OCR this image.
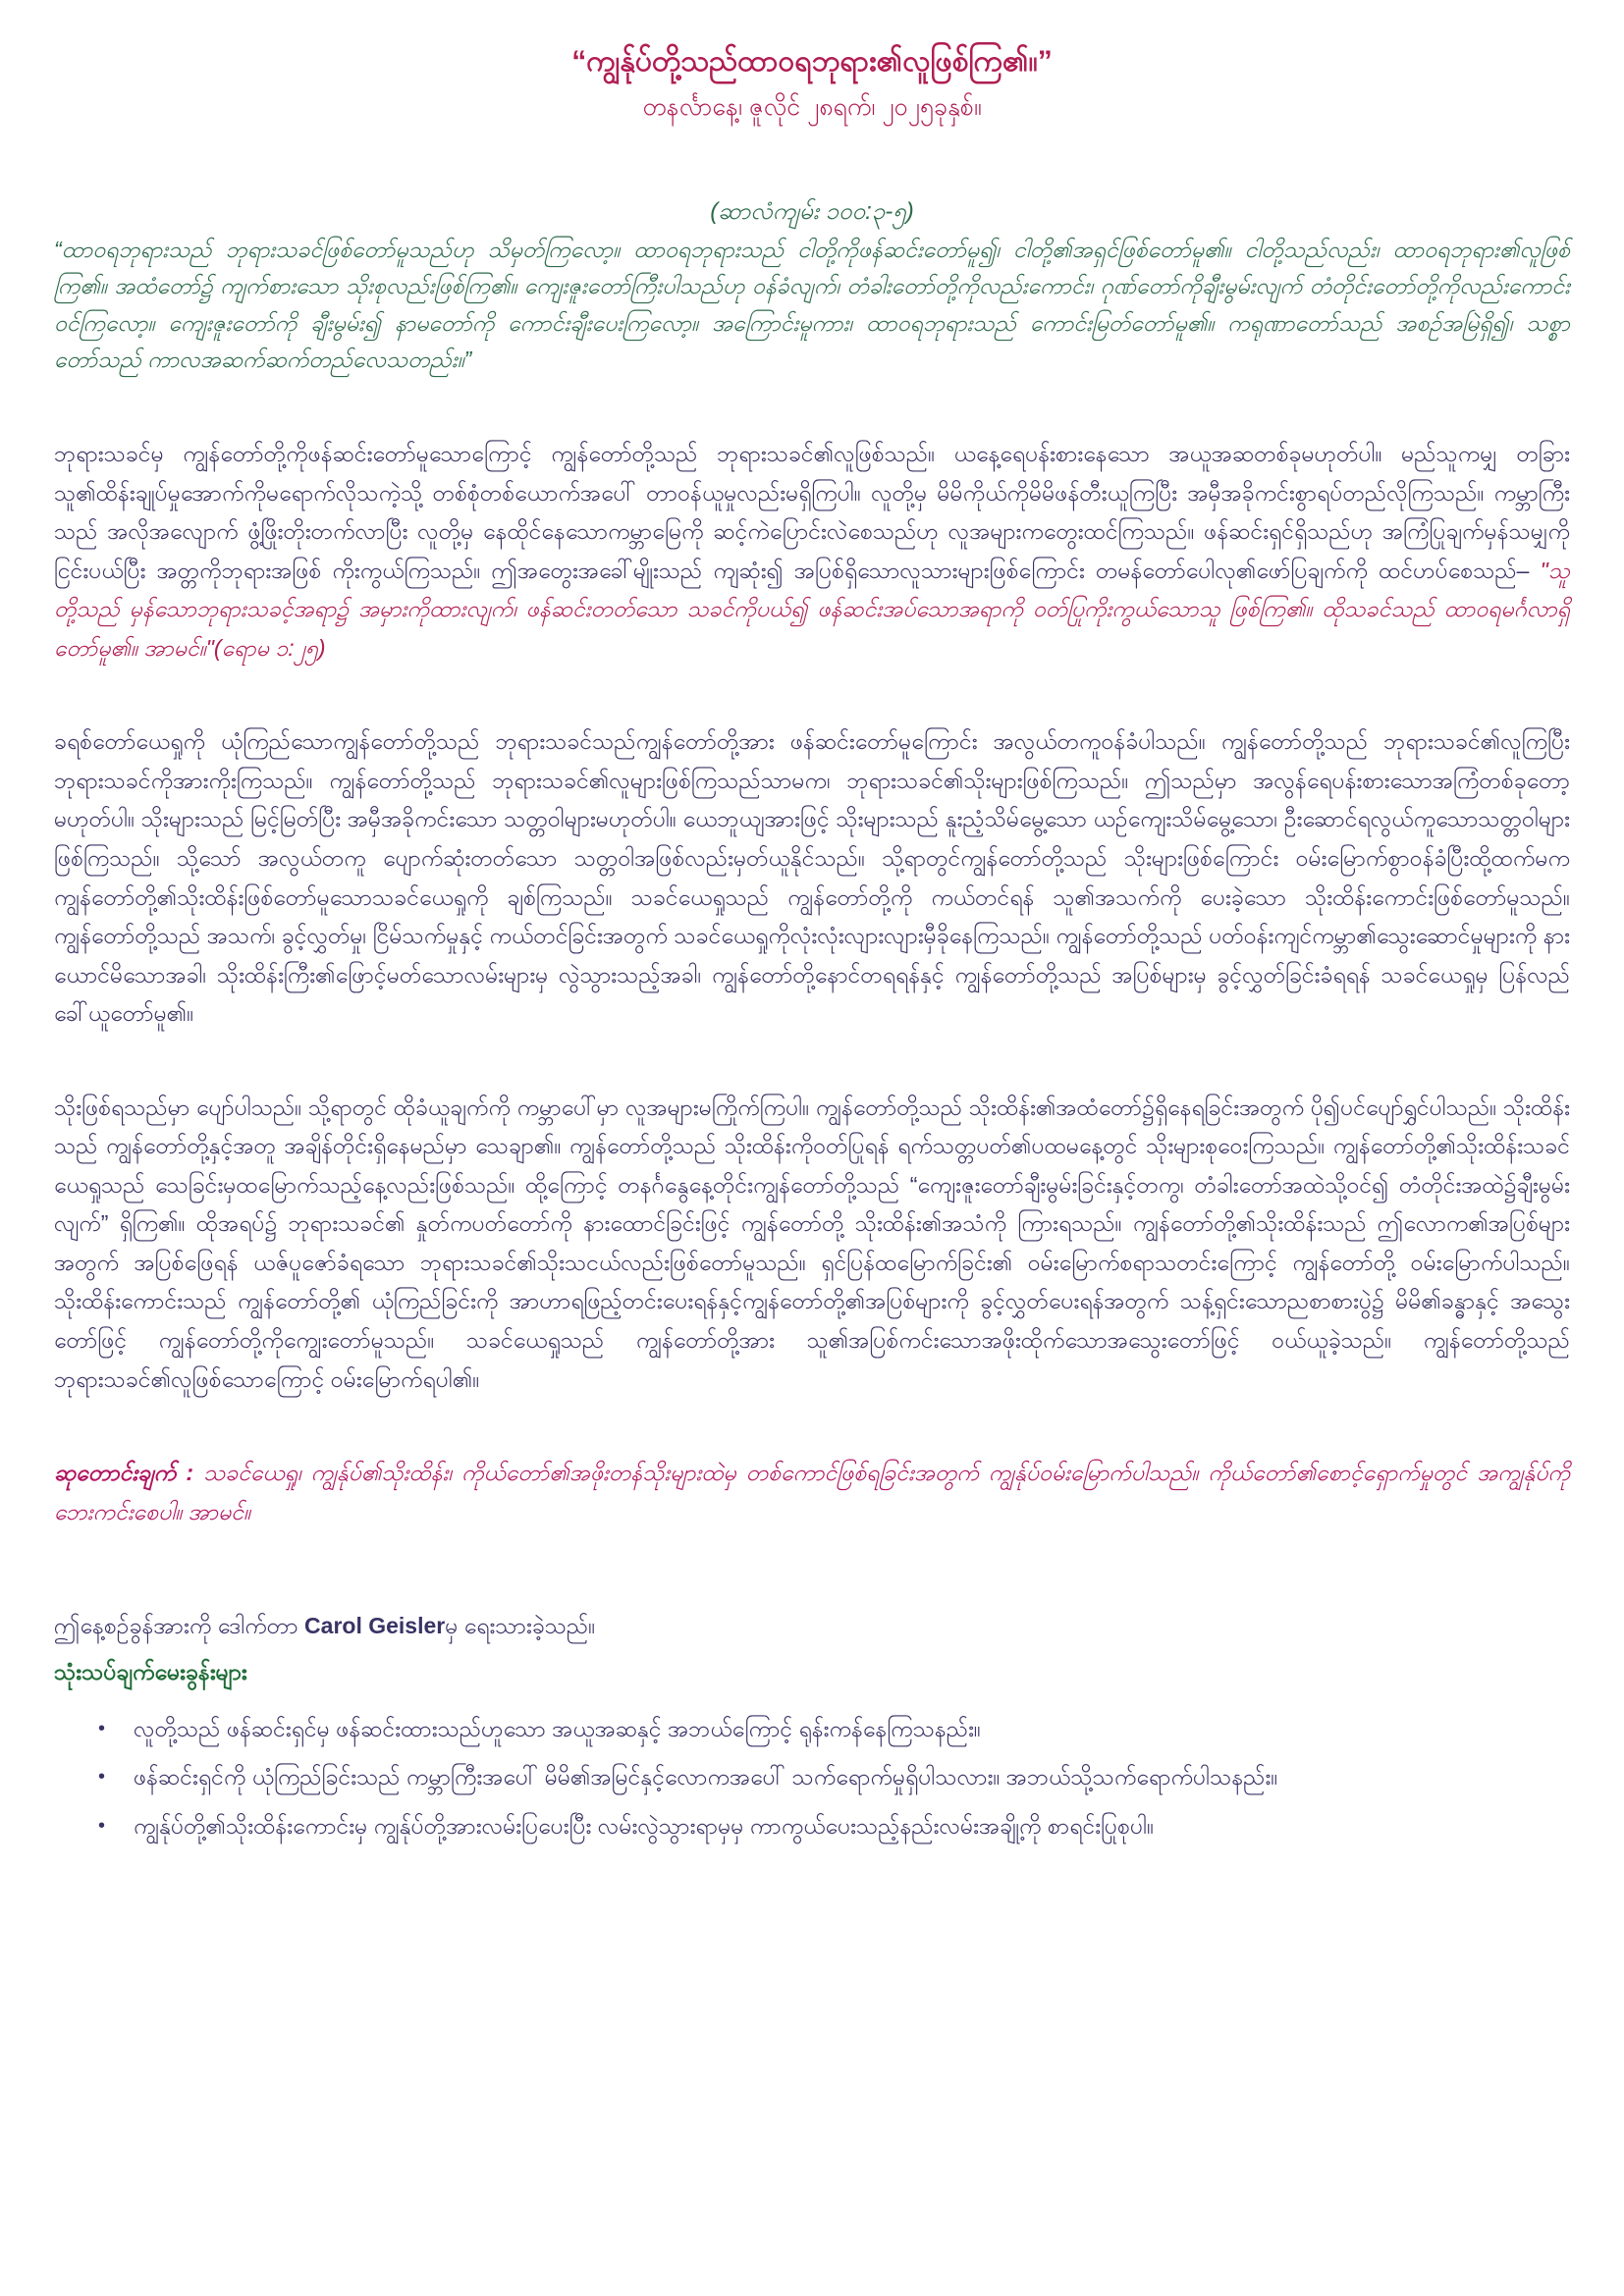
“ကျွန်ုပ်တို့သည်ထာဝရဘုရား၏လူဖြစ်ကြ၏။”
တနင်္လာနေ့၊ ဇူလိုင် ၂၈ရက်၊ ၂၀၂၅ခုနှစ်။
(ဆာလံကျမ်း ၁၀၀:၃-၅)
“ထာဝရဘုရားသည် ဘုရားသခင်ဖြစ်တော်မူသည်ဟု သိမှတ်ကြလော့။ ထာဝရဘုရားသည် ငါတို့ကိုဖန်ဆင်းတော်မူ၍၊ ငါတို့၏အရှင်ဖြစ်တော်မူ၏။ ငါတို့သည်လည်း၊ ထာဝရဘုရား၏လူဖြစ်ကြ၏။ အထံတော်၌ ကျက်စားသော သိုးစုလည်းဖြစ်ကြ၏။ ကျေးဇူးတော်ကြီးပါသည်ဟု ဝန်ခံလျက်၊ တံခါးတော်တို့ကိုလည်းကောင်း၊ ဂုဏ်တော်ကိုချီးမွမ်းလျက် တံတိုင်းတော်တို့ကိုလည်းကောင်း ဝင်ကြလော့။ ကျေးဇူးတော်ကို ချီးမွမ်း၍ နာမတော်ကို ကောင်းချီးပေးကြလော့။ အကြောင်းမူကား၊ ထာဝရဘုရားသည် ကောင်းမြတ်တော်မူ၏။ ကရုဏာတော်သည် အစဉ်အမြဲရှိ၍၊ သစ္စာတော်သည် ကာလအဆက်ဆက်တည်လေသတည်း။”

ဘုရားသခင်မှ ကျွန်တော်တို့ကိုဖန်ဆင်းတော်မူသောကြောင့် ကျွန်တော်တို့သည် ဘုရားသခင်၏လူဖြစ်သည်။ ယနေ့ရေပန်းစားနေသော အယူအဆတစ်ခုမဟုတ်ပါ။ မည်သူကမျှ တခြားသူ၏ထိန်းချုပ်မှုအောက်ကိုမရောက်လိုသကဲ့သို့ တစ်စုံတစ်ယောက်အပေါ် တာဝန်ယူမှုလည်းမရှိကြပါ။ လူတို့မှ မိမိကိုယ်ကိုမိမိဖန်တီးယူကြပြီး အမှီအခိုကင်းစွာရပ်တည်လိုကြသည်။ ကမ္ဘာကြီးသည် အလိုအလျောက် ဖွံ့ဖြိုးတိုးတက်လာပြီး လူတို့မှ နေထိုင်နေသောကမ္ဘာမြေကို ဆင့်ကဲပြောင်းလဲစေသည်ဟု လူအများကတွေးထင်ကြသည်။ ဖန်ဆင်းရှင်ရှိသည်ဟု အကြံပြုချက်မှန်သမျှကို ငြင်းပယ်ပြီး အတ္တကိုဘုရားအဖြစ် ကိုးကွယ်ကြသည်။ ဤအတွေးအခေါ်မျိုးသည် ကျဆုံး၍ အပြစ်ရှိသောလူသားများဖြစ်ကြောင်း တမန်တော်ပေါလု၏ဖော်ပြချက်ကို ထင်ဟပ်စေသည်– "သူတို့သည် မှန်သောဘုရားသခင့်အရာ၌ အမှားကိုထားလျက်၊ ဖန်ဆင်းတတ်သော သခင်ကိုပယ်၍ ဖန်ဆင်းအပ်သောအရာကို ဝတ်ပြုကိုးကွယ်သောသူ ဖြစ်ကြ၏။ ထိုသခင်သည် ထာဝရမင်္ဂလာရှိတော်မူ၏။ အာမင်။"(ရောမ ၁:၂၅)

ခရစ်တော်ယေရှုကို ယုံကြည်သောကျွန်တော်တို့သည် ဘုရားသခင်သည်ကျွန်တော်တို့အား ဖန်ဆင်းတော်မူကြောင်း အလွယ်တကူဝန်ခံပါသည်။ ကျွန်တော်တို့သည် ဘုရားသခင်၏လူကြပြီး ဘုရားသခင်ကိုအားကိုးကြသည်။ ကျွန်တော်တို့သည် ဘုရားသခင်၏လူများဖြစ်ကြသည်သာမက၊ ဘုရားသခင်၏သိုးများဖြစ်ကြသည်။ ဤသည်မှာ အလွန်ရေပန်းစားသောအကြံတစ်ခုတော့ မဟုတ်ပါ။ သိုးများသည် မြင့်မြတ်ပြီး အမှီအခိုကင်းသော သတ္တဝါများမဟုတ်ပါ။ ယေဘူယျအားဖြင့် သိုးများသည် နူးညံ့သိမ်မွေ့သော ယဉ်ကျေးသိမ်မွေ့သော၊ ဦးဆောင်ရလွယ်ကူသောသတ္တဝါများဖြစ်ကြသည်။ သို့သော် အလွယ်တကူ ပျောက်ဆုံးတတ်သော သတ္တဝါအဖြစ်လည်းမှတ်ယူနိုင်သည်။ သို့ရာတွင်ကျွန်တော်တို့သည် သိုးများဖြစ်ကြောင်း ဝမ်းမြောက်စွာဝန်ခံပြီးထို့ထက်မက ကျွန်တော်တို့၏သိုးထိန်းဖြစ်တော်မူသောသခင်ယေရှုကို ချစ်ကြသည်။ သခင်ယေရှုသည် ကျွန်တော်တို့ကို ကယ်တင်ရန် သူ၏အသက်ကို ပေးခဲ့သော သိုးထိန်းကောင်းဖြစ်တော်မူသည်။ ကျွန်တော်တို့သည် အသက်၊ ခွင့်လွှတ်မှု၊ ငြိမ်သက်မှုနှင့် ကယ်တင်ခြင်းအတွက် သခင်ယေရှုကိုလုံးလုံးလျားလျားမှီခိုနေကြသည်။ ကျွန်တော်တို့သည် ပတ်ဝန်းကျင်ကမ္ဘာ၏သွေးဆောင်မှုများကို နားယောင်မိသောအခါ၊ သိုးထိန်းကြီး၏ဖြောင့်မတ်သောလမ်းများမှ လွဲသွားသည့်အခါ၊ ကျွန်တော်တို့နောင်တရရန်နှင့် ကျွန်တော်တို့သည် အပြစ်များမှ ခွင့်လွှတ်ခြင်းခံရရန် သခင်ယေရှုမှ ပြန်လည်ခေါ်ယူတော်မူ၏။

သိုးဖြစ်ရသည်မှာ ပျော်ပါသည်။ သို့ရာတွင် ထိုခံယူချက်ကို ကမ္ဘာပေါ်မှာ လူအများမကြိုက်ကြပါ။ ကျွန်တော်တို့သည် သိုးထိန်း၏အထံတော်၌ရှိနေရခြင်းအတွက် ပို၍ပင်ပျော်ရွှင်ပါသည်။ သိုးထိန်းသည် ကျွန်တော်တို့နှင့်အတူ အချိန်တိုင်းရှိနေမည်မှာ သေချာ၏။ ကျွန်တော်တို့သည် သိုးထိန်းကိုဝတ်ပြုရန် ရက်သတ္တပတ်၏ပထမနေ့တွင် သိုးများစုဝေးကြသည်။ ကျွန်တော်တို့၏သိုးထိန်းသခင်ယေရှုသည် သေခြင်းမှထမြောက်သည့်နေ့လည်းဖြစ်သည်။ ထို့ကြောင့် တနင်္ဂနွေနေ့တိုင်းကျွန်တော်တို့သည် “ကျေးဇူးတော်ချီးမွမ်းခြင်းနှင့်တကွ၊ တံခါးတော်အထဲသို့ဝင်၍ တံတိုင်းအထဲ၌ချီးမွမ်းလျက်” ရှိကြ၏။ ထိုအရပ်၌ ဘုရားသခင်၏ နှုတ်ကပတ်တော်ကို နားထောင်ခြင်းဖြင့် ကျွန်တော်တို့ သိုးထိန်း၏အသံကို ကြားရသည်။ ကျွန်တော်တို့၏သိုးထိန်းသည် ဤလောက၏အပြစ်များအတွက် အပြစ်ဖြေရန် ယဇ်ပူဇော်ခံရသော ဘုရားသခင်၏သိုးသငယ်လည်းဖြစ်တော်မူသည်။ ရှင်ပြန်ထမြောက်ခြင်း၏ ဝမ်းမြောက်စရာသတင်းကြောင့် ကျွန်တော်တို့ ဝမ်းမြောက်ပါသည်။ သိုးထိန်းကောင်းသည် ကျွန်တော်တို့၏ ယုံကြည်ခြင်းကို အာဟာရဖြည့်တင်းပေးရန်နှင့်ကျွန်တော်တို့၏အပြစ်များကို ခွင့်လွှတ်ပေးရန်အတွက် သန့်ရှင်းသောညစာစားပွဲ၌ မိမိ၏ခန္ဓာနှင့် အသွေးတော်ဖြင့် ကျွန်တော်တို့ကိုကျွေးတော်မူသည်။ သခင်ယေရှုသည် ကျွန်တော်တို့အား သူ၏အပြစ်ကင်းသောအဖိုးထိုက်သောအသွေးတော်ဖြင့် ဝယ်ယူခဲ့သည်။ ကျွန်တော်တို့သည် ဘုရားသခင်၏လူဖြစ်သောကြောင့် ဝမ်းမြောက်ရပါ၏။

ဆုတောင်းချက် : သခင်ယေရှု၊ ကျွန်ုပ်၏သိုးထိန်း၊ ကိုယ်တော်၏အဖိုးတန်သိုးများထဲမှ တစ်ကောင်ဖြစ်ရခြင်းအတွက် ကျွန်ုပ်ဝမ်းမြောက်ပါသည်။ ကိုယ်တော်၏စောင့်ရှောက်မှုတွင် အကျွန်ုပ်ကိုဘေးကင်းစေပါ။ အာမင်။

ဤနေ့စဉ်ခွန်အားကို ဒေါက်တာ Carol Geislerမှ ရေးသားခဲ့သည်။
သုံးသပ်ချက်မေးခွန်းများ
•	လူတို့သည် ဖန်ဆင်းရှင်မှ ဖန်ဆင်းထားသည်ဟူသော အယူအဆနှင့် အဘယ်ကြောင့် ရုန်းကန်နေကြသနည်း။
•	ဖန်ဆင်းရှင်ကို ယုံကြည်ခြင်းသည် ကမ္ဘာကြီးအပေါ် မိမိ၏အမြင်နှင့်လောကအပေါ် သက်ရောက်မှုရှိပါသလား။ အဘယ်သို့သက်ရောက်ပါသနည်း။
•	ကျွန်ုပ်တို့၏သိုးထိန်းကောင်းမှ ကျွန်ုပ်တို့အားလမ်းပြပေးပြီး လမ်းလွဲသွားရာမှမှ ကာကွယ်ပေးသည့်နည်းလမ်းအချို့ကို စာရင်းပြုစုပါ။
